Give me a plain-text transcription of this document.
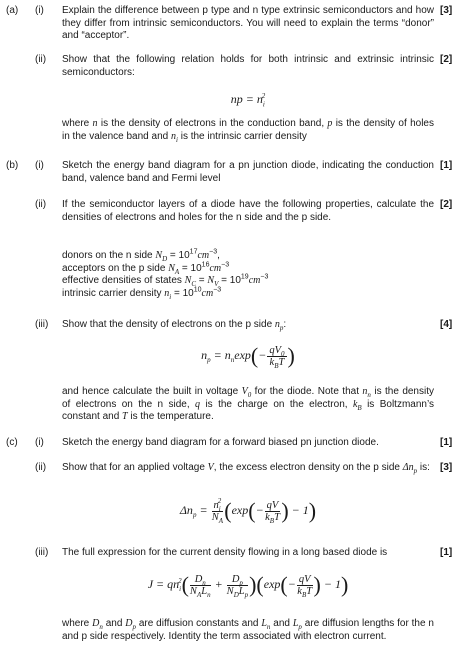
(a) (i) Explain the difference between p type and n type extrinsic semiconductors and how they differ from intrinsic semiconductors. You will need to explain the terms “donor” and “acceptor”.
[3]
(ii) Show that the following relation holds for both intrinsic and extrinsic intrinsic semiconductors:
[2]
np = $n_i^2$
where n is the density of electrons in the conduction band, p is the density of holes in the valence band and $n_i$ is the intrinsic carrier density
(b) (i) Sketch the energy band diagram for a pn junction diode, indicating the conduction band, valence band and Fermi level
[1]
(ii) If the semiconductor layers of a diode have the following properties, calculate the densities of electrons and holes for the n side and the p side.
[2]
donors on the n side $N_D = 10^{17}cm^{-3}$,
acceptors on the p side $N_A = 10^{16}cm^{-3}$
effective densities of states $N_C = N_V = 10^{19}cm^{-3}$
intrinsic carrier density $n_i = 10^{10}cm^{-3}$
(iii) Show that the density of electrons on the p side $n_p$:	[4]
$n_p = n_n\exp(- \frac{qV_0}{k_BT}$ )
and hence calculate the built in voltage $V_0$ for the diode. Note that $n_n$ is the density of electrons on the n side, q is the charge on the electron, $k_B$ is Boltzmann’s constant and T is the temperature.
(c) (i) Sketch the energy band diagram for a forward biased pn junction diode.	[1]
(ii) Show that for an applied voltage V, the excess electron density on the p side $\Delta n_p$ is:	[3]
$\Delta n_p = \frac{n_i^2}{N_A} (\exp(- \frac{qV}{k_BT}$ ) − 1)
(iii) The full expression for the current density flowing in a long based diode is	[1]
$J = qn_i^2( \frac{D_n}{N_AL_n} + \frac{D_p}{N_DL_p} )(\exp(- \frac{qV}{k_BT}$ ) − 1)
where $D_n$ and $D_p$ are diffusion constants and $L_n$ and $L_p$ are diffusion lengths for the n and p side respectively. Identity the term associated with electron current.
